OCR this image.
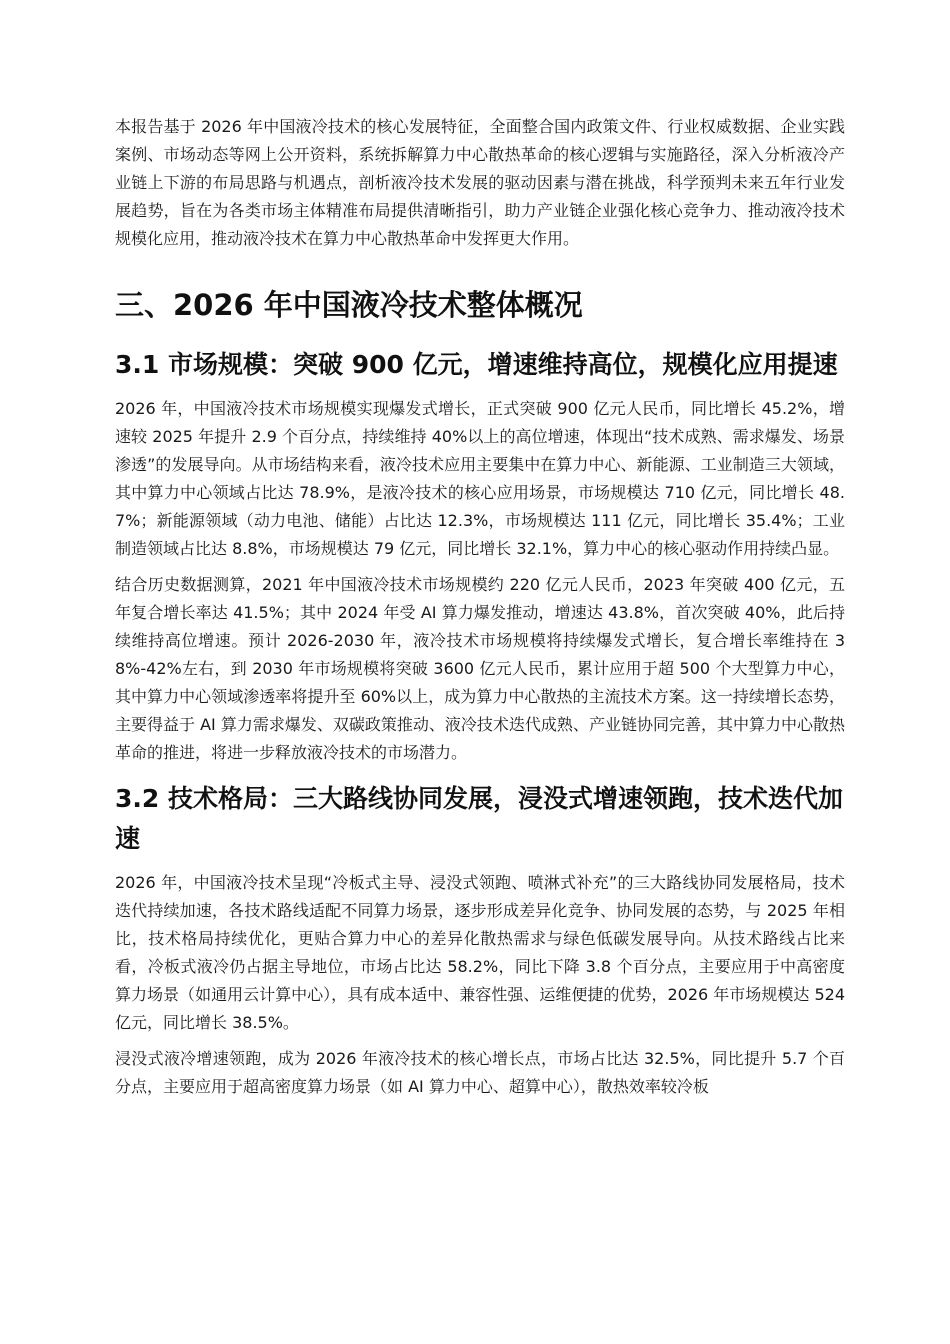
本报告基于 2026 年中国液冷技术的核心发展特征，全面整合国内政策文件、行业权威数据、企业实践案例、市场动态等网上公开资料，系统拆解算力中心散热革命的核心逻辑与实施路径，深入分析液冷产业链上下游的布局思路与机遇点，剖析液冷技术发展的驱动因素与潜在挑战，科学预判未来五年行业发展趋势，旨在为各类市场主体精准布局提供清晰指引，助力产业链企业强化核心竞争力、推动液冷技术规模化应用，推动液冷技术在算力中心散热革命中发挥更大作用。

三、2026 年中国液冷技术整体概况
3.1 市场规模：突破 900 亿元，增速维持高位，规模化应用提速

2026 年，中国液冷技术市场规模实现爆发式增长，正式突破 900 亿元人民币，同比增长 45.2%，增速较 2025 年提升 2.9 个百分点，持续维持 40%以上的高位增速，体现出“技术成熟、需求爆发、场景渗透”的发展导向。从市场结构来看，液冷技术应用主要集中在算力中心、新能源、工业制造三大领域，其中算力中心领域占比达 78.9%，是液冷技术的核心应用场景，市场规模达 710 亿元，同比增长 48.7%；新能源领域（动力电池、储能）占比达 12.3%，市场规模达 111 亿元，同比增长 35.4%；工业制造领域占比达 8.8%，市场规模达 79 亿元，同比增长 32.1%，算力中心的核心驱动作用持续凸显。

结合历史数据测算，2021 年中国液冷技术市场规模约 220 亿元人民币，2023 年突破 400 亿元，五年复合增长率达 41.5%；其中 2024 年受 AI 算力爆发推动，增速达 43.8%，首次突破 40%，此后持续维持高位增速。预计 2026-2030 年，液冷技术市场规模将持续爆发式增长，复合增长率维持在 38%-42%左右，到 2030 年市场规模将突破 3600 亿元人民币，累计应用于超 500 个大型算力中心，其中算力中心领域渗透率将提升至 60%以上，成为算力中心散热的主流技术方案。这一持续增长态势，主要得益于 AI 算力需求爆发、双碳政策推动、液冷技术迭代成熟、产业链协同完善，其中算力中心散热革命的推进，将进一步释放液冷技术的市场潜力。

3.2 技术格局：三大路线协同发展，浸没式增速领跑，技术迭代加速

2026 年，中国液冷技术呈现“冷板式主导、浸没式领跑、喷淋式补充”的三大路线协同发展格局，技术迭代持续加速，各技术路线适配不同算力场景，逐步形成差异化竞争、协同发展的态势，与 2025 年相比，技术格局持续优化，更贴合算力中心的差异化散热需求与绿色低碳发展导向。从技术路线占比来看，冷板式液冷仍占据主导地位，市场占比达 58.2%，同比下降 3.8 个百分点，主要应用于中高密度算力场景（如通用云计算中心），具有成本适中、兼容性强、运维便捷的优势，2026 年市场规模达 524 亿元，同比增长 38.5%。

浸没式液冷增速领跑，成为 2026 年液冷技术的核心增长点，市场占比达 32.5%，同比提升 5.7 个百分点，主要应用于超高密度算力场景（如 AI 算力中心、超算中心），散热效率较冷板
